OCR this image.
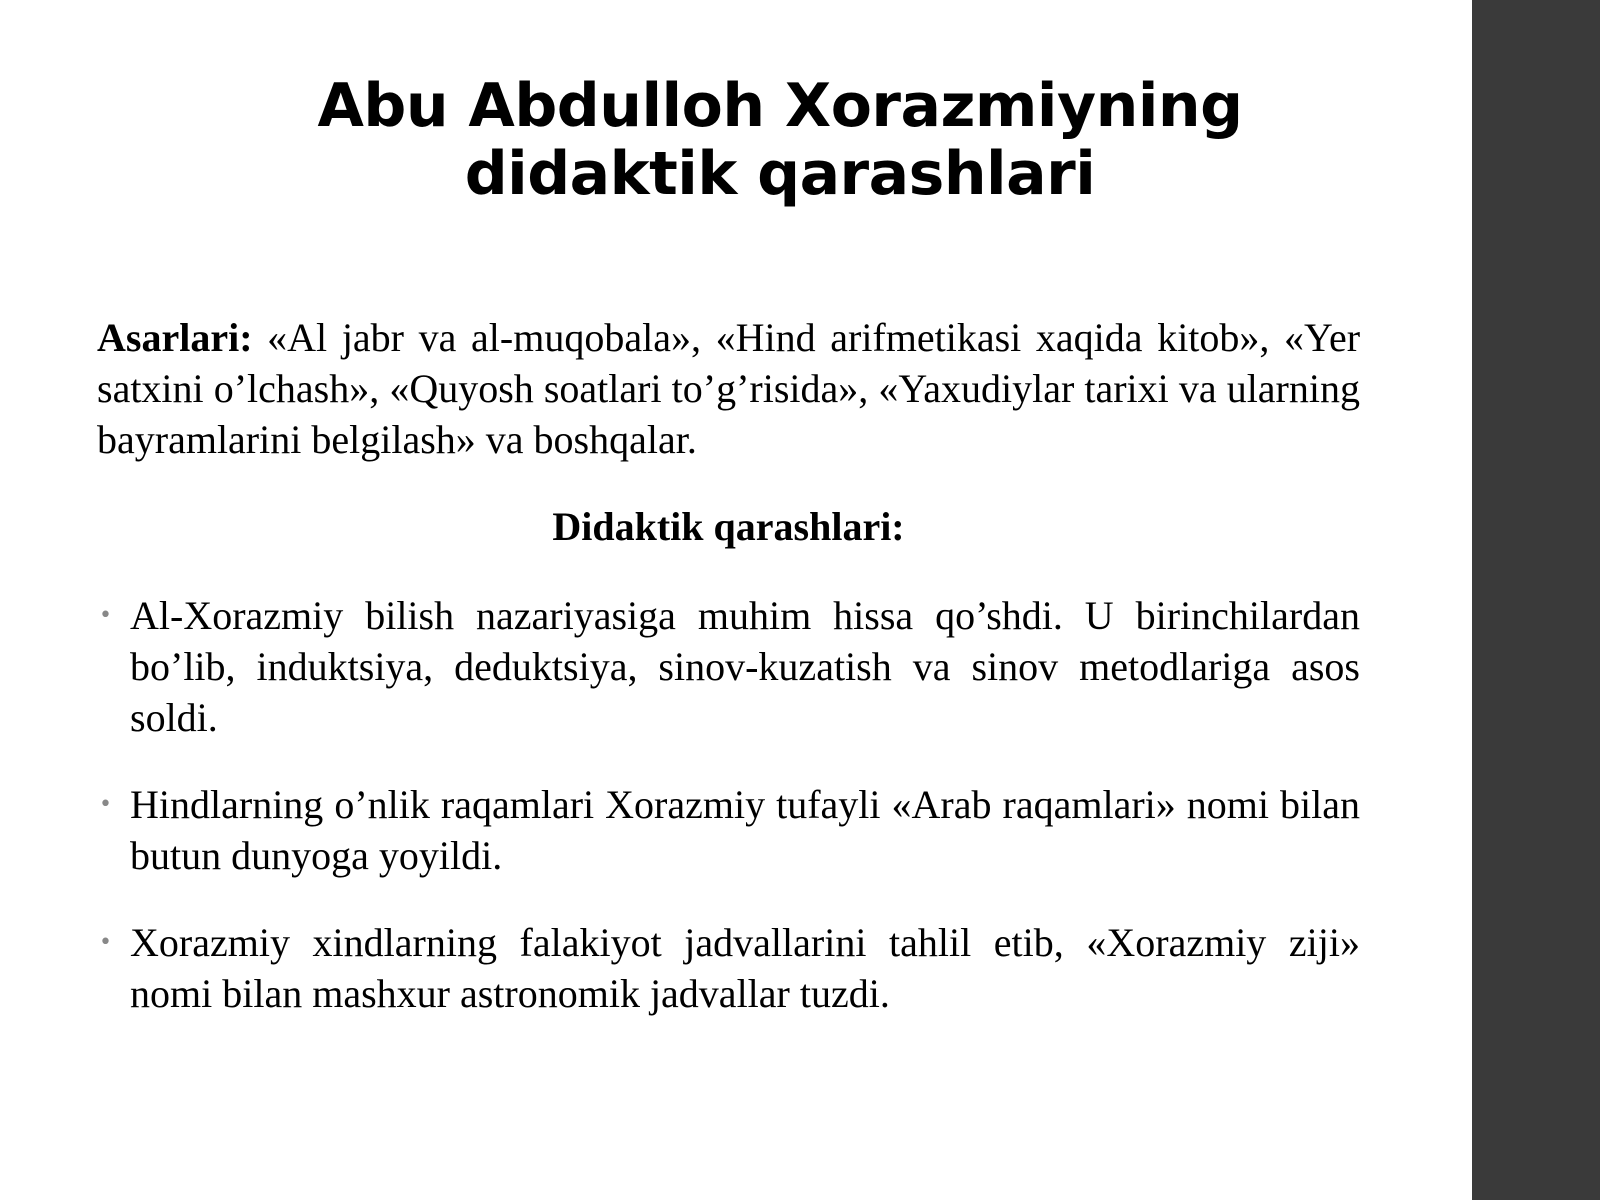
Abu Abdulloh Xorazmiyning didaktik qarashlari

Asarlari: «Al jabr va al-muqobala», «Hind arifmetikasi xaqida kitob», «Yer satxini o’lchash», «Quyosh soatlari to’g’risida», «Yaxudiylar tarixi va ularning bayramlarini belgilash» va boshqalar.

Didaktik qarashlari:
• Al-Xorazmiy bilish nazariyasiga muhim hissa qo’shdi. U birinchilardan bo’lib, induktsiya, deduktsiya, sinov-kuzatish va sinov metodlariga asos soldi.
• Hindlarning o’nlik raqamlari Xorazmiy tufayli «Arab raqamlari» nomi bilan butun dunyoga yoyildi.
• Xorazmiy xindlarning falakiyot jadvallarini tahlil etib, «Xorazmiy ziji» nomi bilan mashxur astronomik jadvallar tuzdi.
